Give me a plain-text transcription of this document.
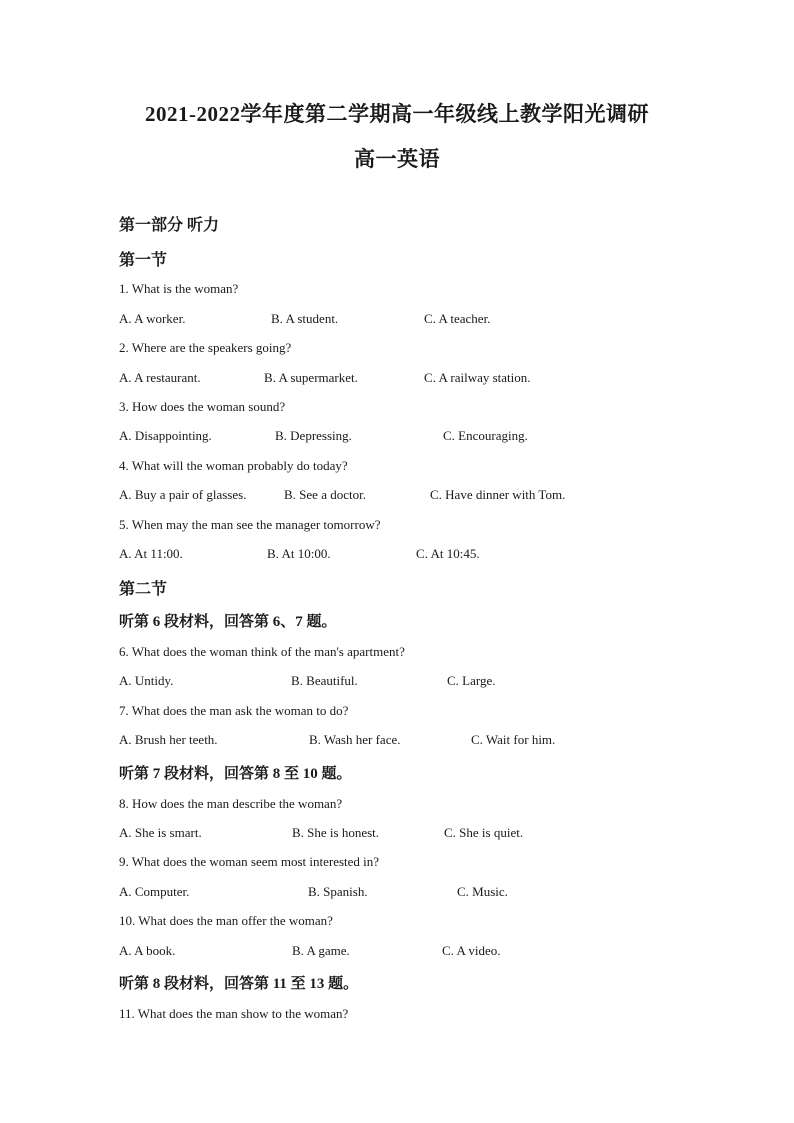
2021-2022学年度第二学期高一年级线上教学阳光调研
高一英语
第一部分 听力
第一节
1. What is the woman?
A. A worker.	B. A student.	C. A teacher.
2. Where are the speakers going?
A. A restaurant.	B. A supermarket.	C. A railway station.
3. How does the woman sound?
A. Disappointing.	B. Depressing.	C. Encouraging.
4. What will the woman probably do today?
A. Buy a pair of glasses.	B. See a doctor.	C. Have dinner with Tom.
5. When may the man see the manager tomorrow?
A. At 11:00.	B. At 10:00.	C. At 10:45.
第二节
听第 6 段材料，回答第 6、7 题。
6. What does the woman think of the man's apartment?
A. Untidy.	B. Beautiful.	C. Large.
7. What does the man ask the woman to do?
A. Brush her teeth.	B. Wash her face.	C. Wait for him.
听第 7 段材料，回答第 8 至 10 题。
8. How does the man describe the woman?
A. She is smart.	B. She is honest.	C. She is quiet.
9. What does the woman seem most interested in?
A. Computer.	B. Spanish.	C. Music.
10. What does the man offer the woman?
A. A book.	B. A game.	C. A video.
听第 8 段材料，回答第 11 至 13 题。
11. What does the man show to the woman?
